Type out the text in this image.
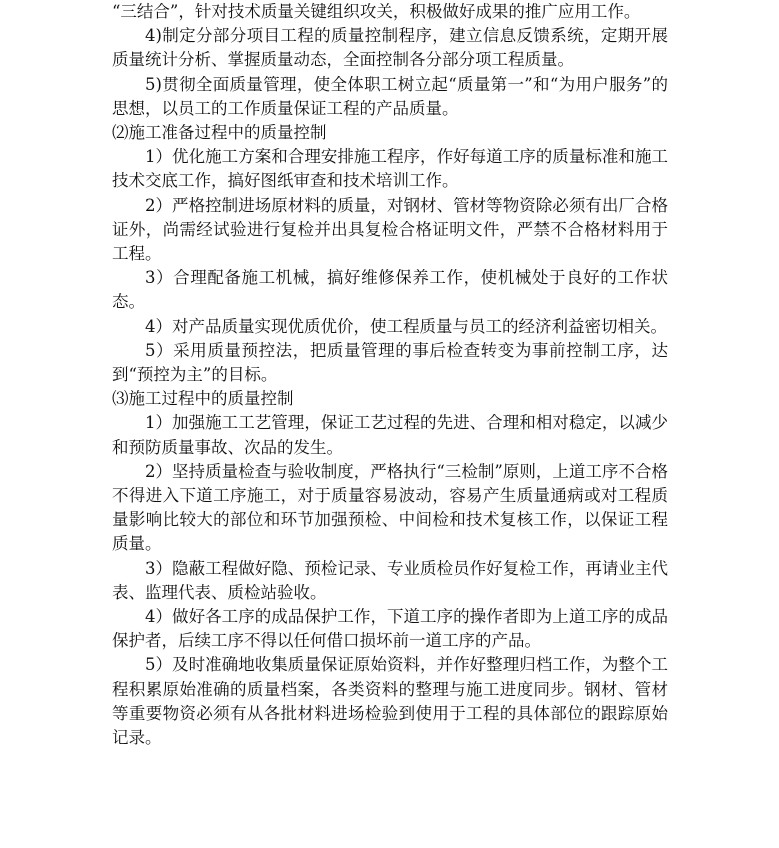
“三结合”，针对技术质量关键组织攻关，积极做好成果的推广应用工作。

4)制定分部分项目工程的质量控制程序，建立信息反馈系统，定期开展质量统计分析、掌握质量动态，全面控制各分部分项工程质量。

5)贯彻全面质量管理，使全体职工树立起“质量第一”和“为用户服务”的思想，以员工的工作质量保证工程的产品质量。

⑵施工准备过程中的质量控制

1）优化施工方案和合理安排施工程序，作好每道工序的质量标准和施工技术交底工作，搞好图纸审查和技术培训工作。

2）严格控制进场原材料的质量，对钢材、管材等物资除必须有出厂合格证外，尚需经试验进行复检并出具复检合格证明文件，严禁不合格材料用于工程。

3）合理配备施工机械，搞好维修保养工作，使机械处于良好的工作状态。

4）对产品质量实现优质优价，使工程质量与员工的经济利益密切相关。

5）采用质量预控法，把质量管理的事后检查转变为事前控制工序，达到“预控为主”的目标。

⑶施工过程中的质量控制

1）加强施工工艺管理，保证工艺过程的先进、合理和相对稳定，以减少和预防质量事故、次品的发生。

2）坚持质量检查与验收制度，严格执行“三检制”原则，上道工序不合格不得进入下道工序施工，对于质量容易波动，容易产生质量通病或对工程质量影响比较大的部位和环节加强预检、中间检和技术复核工作，以保证工程质量。

3）隐蔽工程做好隐、预检记录、专业质检员作好复检工作，再请业主代表、监理代表、质检站验收。

4）做好各工序的成品保护工作，下道工序的操作者即为上道工序的成品保护者，后续工序不得以任何借口损坏前一道工序的产品。

5）及时准确地收集质量保证原始资料，并作好整理归档工作，为整个工程积累原始准确的质量档案，各类资料的整理与施工进度同步。钢材、管材等重要物资必须有从各批材料进场检验到使用于工程的具体部位的跟踪原始记录。
